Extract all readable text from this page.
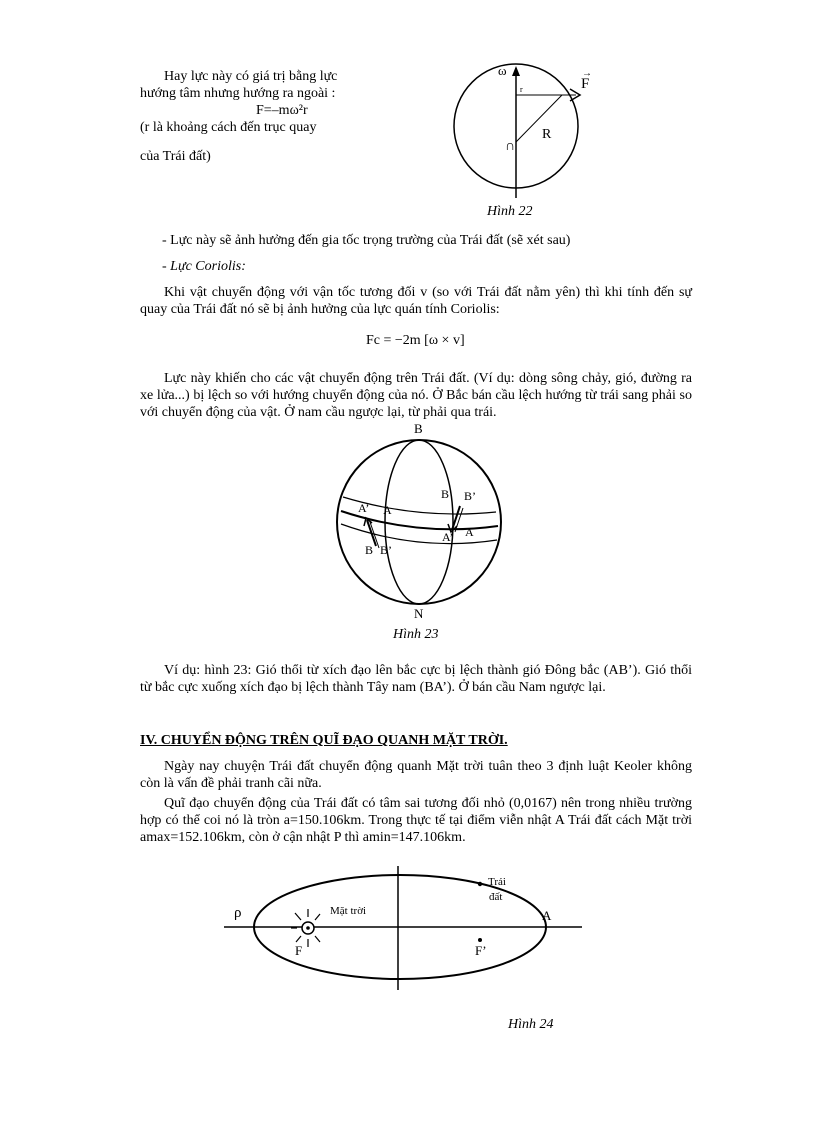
Hay lực này có giá trị bằng lực
hướng tâm nhưng hướng ra ngoài :
F=–mω²r
(r là khoảng cách đến trục quay
của Trái đất)
ω
F
→
r
R
∩
Hình 22
- Lực này sẽ ảnh hưởng đến gia tốc trọng trường của Trái đất (sẽ xét sau)
- Lực Coriolis:
Khi vật chuyển động với vận tốc tương đối v (so với Trái đất nằm yên) thì khi tính đến sự quay của Trái đất nó sẽ bị ảnh hưởng của lực quán tính Coriolis:
Fc = −2m [ω × v]
Lực này khiến cho các vật chuyển động trên Trái đất. (Ví dụ: dòng sông chảy, gió, đường ra xe lửa...) bị lệch so với hướng chuyển động của nó. Ở Bắc bán cầu lệch hướng từ trái sang phải so với chuyển động của vật. Ở nam cầu ngược lại, từ phải qua trái.
B
A’ A
B B’
B B’
A’ A
N
Hình 23
Ví dụ: hình 23: Gió thổi từ xích đạo lên bắc cực bị lệch thành gió Đông bắc (AB’). Gió thổi từ bắc cực xuống xích đạo bị lệch thành Tây nam (BA’). Ở bán cầu Nam ngược lại.
IV. CHUYỂN ĐỘNG TRÊN QUĨ ĐẠO QUANH MẶT TRỜI.
Ngày nay chuyện Trái đất chuyển động quanh Mặt trời tuân theo 3 định luật Keoler không còn là vấn đề phải tranh cãi nữa.
Quĩ đạo chuyển động của Trái đất có tâm sai tương đối nhỏ (0,0167) nên trong nhiều trường hợp có thể coi nó là tròn a=150.106km. Trong thực tế tại điểm viễn nhật A Trái đất cách Mặt trời amax=152.106km, còn ở cận nhật P thì amin=147.106km.
ρ	A
Mặt trời
Trái
đất
F	F’
Hình 24
